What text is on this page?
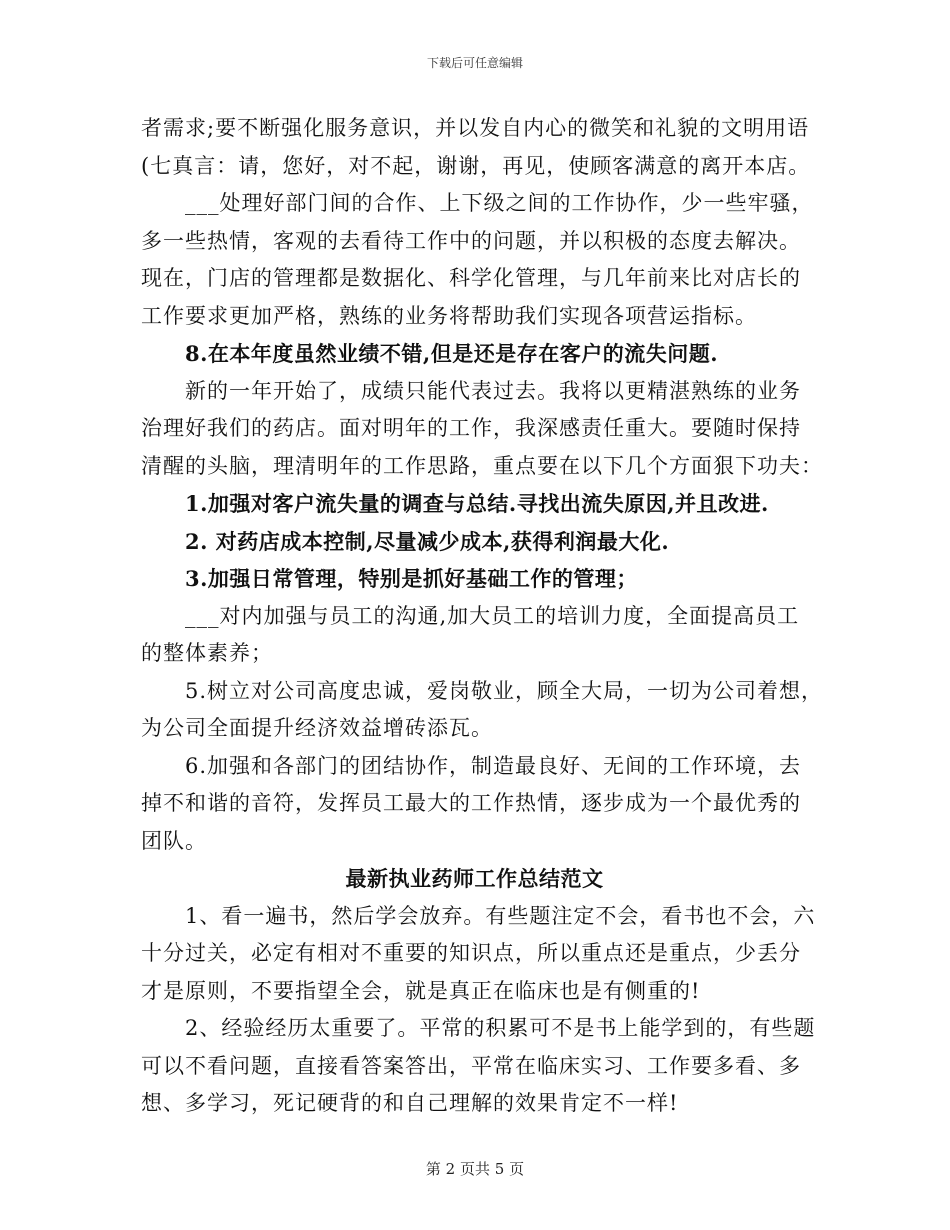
下载后可任意编辑
者需求;要不断强化服务意识，并以发自内心的微笑和礼貌的文明用语
(七真言：请，您好，对不起，谢谢，再见，使顾客满意的离开本店。
___处理好部门间的合作、上下级之间的工作协作，少一些牢骚，
多一些热情，客观的去看待工作中的问题，并以积极的态度去解决。
现在，门店的管理都是数据化、科学化管理，与几年前来比对店长的
工作要求更加严格，熟练的业务将帮助我们实现各项营运指标。
8.在本年度虽然业绩不错,但是还是存在客户的流失问题.
新的一年开始了，成绩只能代表过去。我将以更精湛熟练的业务
治理好我们的药店。面对明年的工作，我深感责任重大。要随时保持
清醒的头脑，理清明年的工作思路，重点要在以下几个方面狠下功夫：
1.加强对客户流失量的调查与总结.寻找出流失原因,并且改进.
2. 对药店成本控制,尽量减少成本,获得利润最大化.
3.加强日常管理，特别是抓好基础工作的管理；
___对内加强与员工的沟通,加大员工的培训力度，全面提高员工
的整体素养；
5.树立对公司高度忠诚，爱岗敬业，顾全大局，一切为公司着想，
为公司全面提升经济效益增砖添瓦。
6.加强和各部门的团结协作，制造最良好、无间的工作环境，去
掉不和谐的音符，发挥员工最大的工作热情，逐步成为一个最优秀的
团队。
最新执业药师工作总结范文
1、看一遍书，然后学会放弃。有些题注定不会，看书也不会，六
十分过关，必定有相对不重要的知识点，所以重点还是重点，少丢分
才是原则，不要指望全会，就是真正在临床也是有侧重的!
2、经验经历太重要了。平常的积累可不是书上能学到的，有些题
可以不看问题，直接看答案答出，平常在临床实习、工作要多看、多
想、多学习，死记硬背的和自己理解的效果肯定不一样!
第 2 页共 5 页
